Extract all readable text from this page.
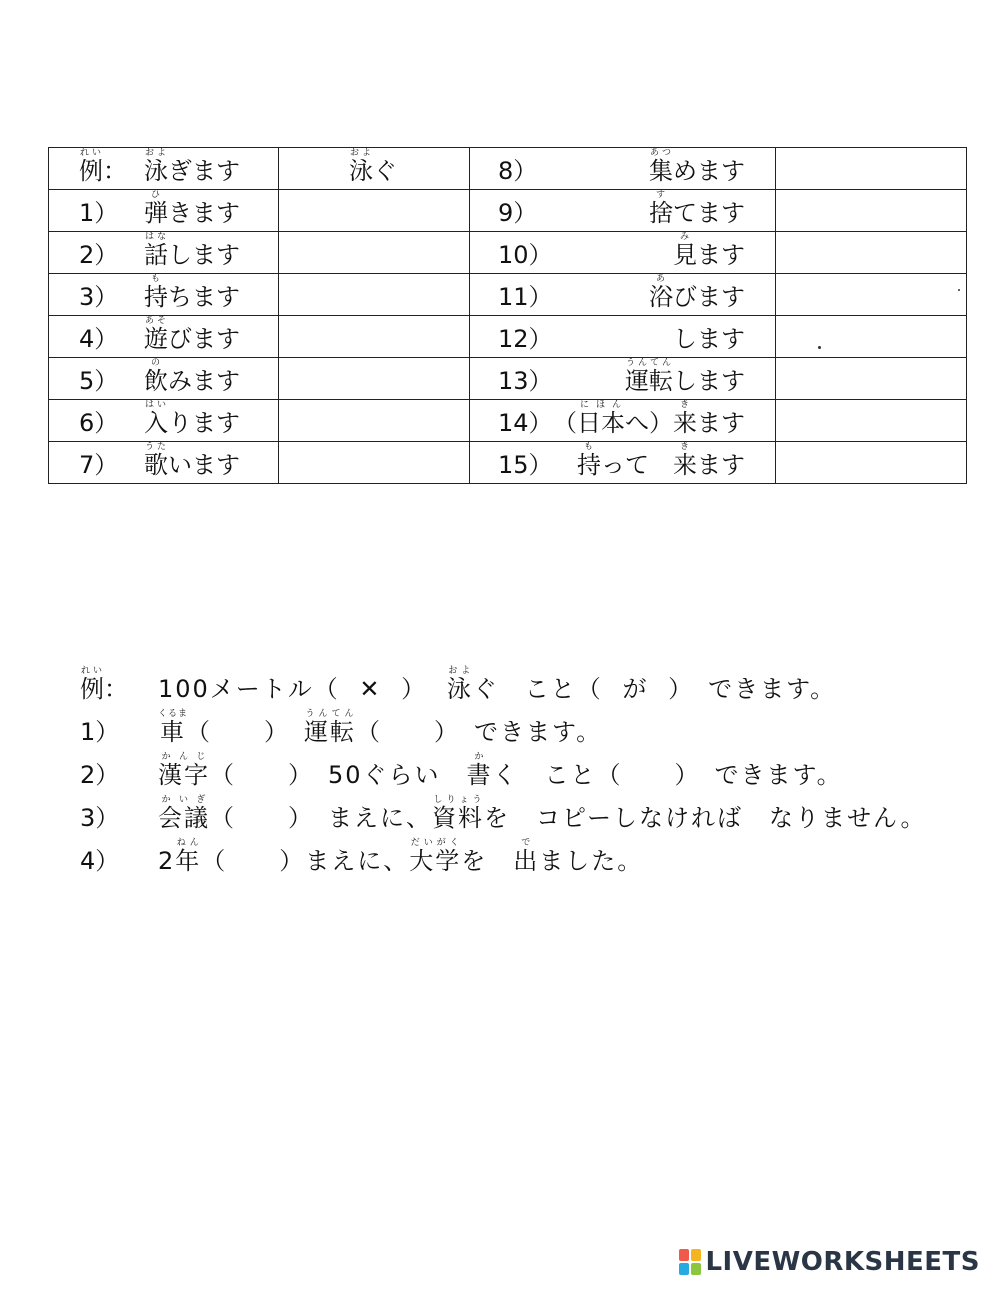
例れい： 泳およぎます	泳およぐ	8） 集あつめます	

1） 弾ひきます		9） 捨すてます	

2） 話はなします		10） 見みます	

3） 持もちます		11） 浴あびます	

4） 遊あそびます		12） します	

5） 飲のみます		13） 運転うんてんします	

6） 入はいります		14） （日本にほんへ）来きます	

7） 歌うたいます		15） 持もって　来きます	

例れい： 100メートル（ ✕ ） 泳およぐ　こと（ が ）　できます。
1） 車くるま（　　）　運転うんてん（　　）　できます。
2） 漢字かんじ（　　）　50ぐらい　書かく　こと（　　）　できます。
3） 会議かいぎ（　　）　まえに、資料しりょうを　コピーしなければ　なりません。
4） 2年ねん（　　）まえに、大学だいがくを　出でました。
LIVEWORKSHEETS
